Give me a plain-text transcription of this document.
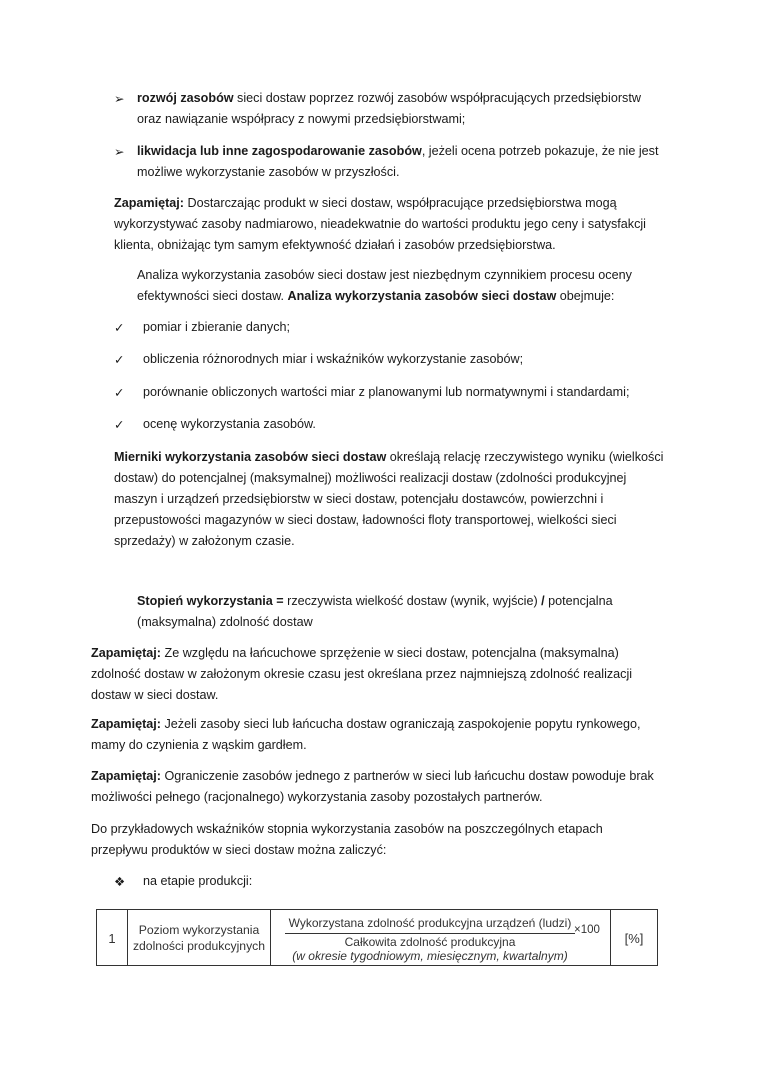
➢ rozwój zasobów sieci dostaw poprzez rozwój zasobów współpracujących przedsiębiorstw
oraz nawiązanie współpracy z nowymi przedsiębiorstwami;
➢ likwidacja lub inne zagospodarowanie zasobów, jeżeli ocena potrzeb pokazuje, że nie jest
możliwe wykorzystanie zasobów w przyszłości.
Zapamiętaj: Dostarczając produkt w sieci dostaw, współpracujące przedsiębiorstwa mogą
wykorzystywać zasoby nadmiarowo, nieadekwatnie do wartości produktu jego ceny i satysfakcji
klienta, obniżając tym samym efektywność działań i zasobów przedsiębiorstwa.
Analiza wykorzystania zasobów sieci dostaw jest niezbędnym czynnikiem procesu oceny
efektywności sieci dostaw. Analiza wykorzystania zasobów sieci dostaw obejmuje:
✓ pomiar i zbieranie danych;
✓ obliczenia różnorodnych miar i wskaźników wykorzystanie zasobów;
✓ porównanie obliczonych wartości miar z planowanymi lub normatywnymi i standardami;
✓ ocenę wykorzystania zasobów.
Mierniki wykorzystania zasobów sieci dostaw określają relację rzeczywistego wyniku (wielkości
dostaw) do potencjalnej (maksymalnej) możliwości realizacji dostaw (zdolności produkcyjnej
maszyn i urządzeń przedsiębiorstw w sieci dostaw, potencjału dostawców, powierzchni i
przepustowości magazynów w sieci dostaw, ładowności floty transportowej, wielkości sieci
sprzedaży) w założonym czasie.
Stopień wykorzystania = rzeczywista wielkość dostaw (wynik, wyjście) / potencjalna
(maksymalna) zdolność dostaw
Zapamiętaj: Ze względu na łańcuchowe sprzężenie w sieci dostaw, potencjalna (maksymalna)
zdolność dostaw w założonym okresie czasu jest określana przez najmniejszą zdolność realizacji
dostaw w sieci dostaw.
Zapamiętaj: Jeżeli zasoby sieci lub łańcucha dostaw ograniczają zaspokojenie popytu rynkowego,
mamy do czynienia z wąskim gardłem.
Zapamiętaj: Ograniczenie zasobów jednego z partnerów w sieci lub łańcuchu dostaw powoduje brak
możliwości pełnego (racjonalnego) wykorzystania zasoby pozostałych partnerów.
Do przykładowych wskaźników stopnia wykorzystania zasobów na poszczególnych etapach
przepływu produktów w sieci dostaw można zaliczyć:
❖ na etapie produkcji:
1
Poziom wykorzystania
zdolności produkcyjnych
Wykorzystana zdolność produkcyjna urządzeń (ludzi)
Całkowita zdolność produkcyjna
×100
(w okresie tygodniowym, miesięcznym, kwartalnym)
[%]
